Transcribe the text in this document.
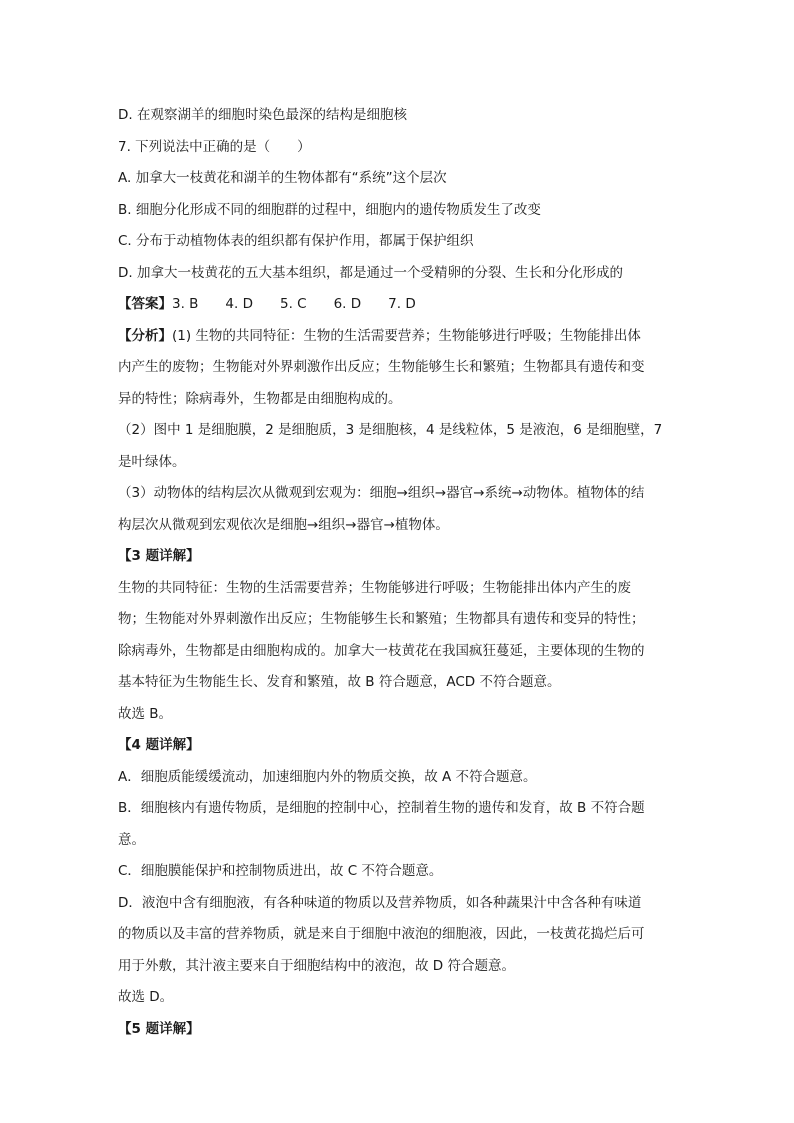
D. 在观察湖羊的细胞时染色最深的结构是细胞核
7. 下列说法中正确的是（　　）
A. 加拿大一枝黄花和湖羊的生物体都有“系统”这个层次
B. 细胞分化形成不同的细胞群的过程中，细胞内的遗传物质发生了改变
C. 分布于动植物体表的组织都有保护作用，都属于保护组织
D. 加拿大一枝黄花的五大基本组织，都是通过一个受精卵的分裂、生长和分化形成的
【答案】3. B　　4. D　　5. C　　6. D　　7. D
【分析】(1) 生物的共同特征：生物的生活需要营养；生物能够进行呼吸；生物能排出体
内产生的废物；生物能对外界刺激作出反应；生物能够生长和繁殖；生物都具有遗传和变
异的特性；除病毒外，生物都是由细胞构成的。
（2）图中 1 是细胞膜，2 是细胞质，3 是细胞核，4 是线粒体，5 是液泡，6 是细胞壁，7
是叶绿体。
（3）动物体的结构层次从微观到宏观为：细胞→组织→器官→系统→动物体。植物体的结
构层次从微观到宏观依次是细胞→组织→器官→植物体。
【3 题详解】
生物的共同特征：生物的生活需要营养；生物能够进行呼吸；生物能排出体内产生的废
物；生物能对外界刺激作出反应；生物能够生长和繁殖；生物都具有遗传和变异的特性；
除病毒外，生物都是由细胞构成的。加拿大一枝黄花在我国疯狂蔓延，主要体现的生物的
基本特征为生物能生长、发育和繁殖，故 B 符合题意，ACD 不符合题意。
故选 B。
【4 题详解】
A．细胞质能缓缓流动，加速细胞内外的物质交换，故 A 不符合题意。
B．细胞核内有遗传物质，是细胞的控制中心，控制着生物的遗传和发育，故 B 不符合题
意。
C．细胞膜能保护和控制物质进出，故 C 不符合题意。
D．液泡中含有细胞液，有各种味道的物质以及营养物质，如各种蔬果汁中含各种有味道
的物质以及丰富的营养物质，就是来自于细胞中液泡的细胞液，因此，一枝黄花捣烂后可
用于外敷，其汁液主要来自于细胞结构中的液泡，故 D 符合题意。
故选 D。
【5 题详解】
